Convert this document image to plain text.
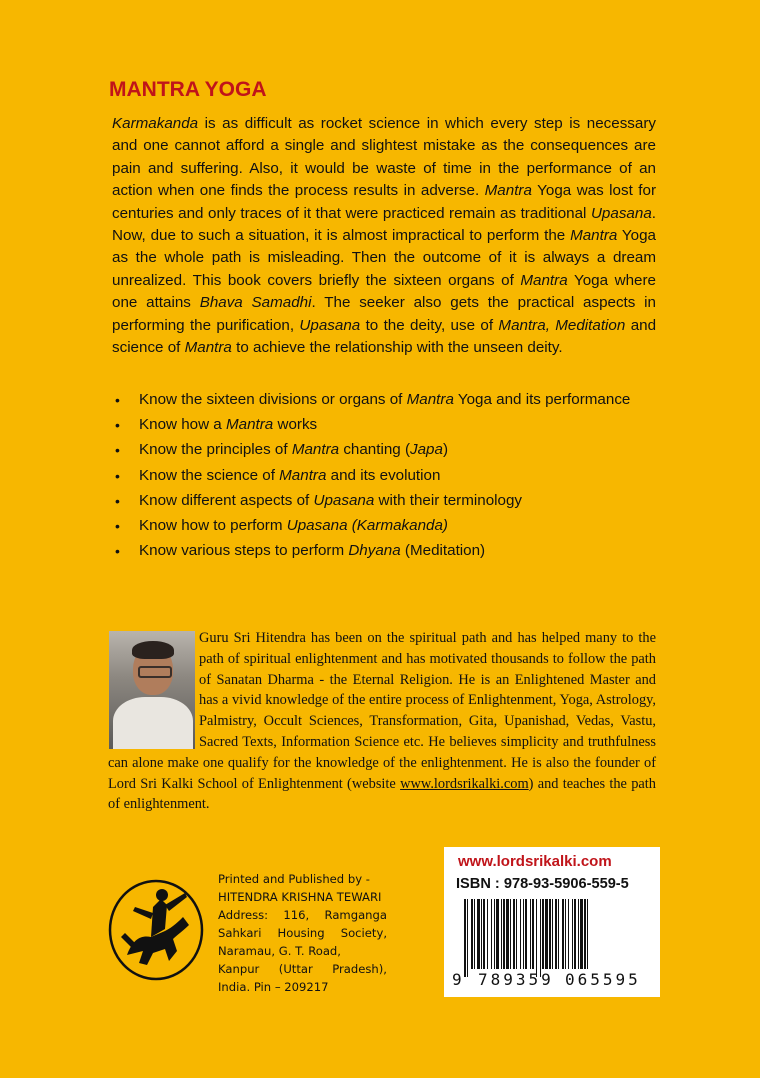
MANTRA YOGA

Karmakanda is as difficult as rocket science in which every step is necessary and one cannot afford a single and slightest mistake as the consequences are pain and suffering. Also, it would be waste of time in the performance of an action when one finds the process results in adverse. Mantra Yoga was lost for centuries and only traces of it that were practiced remain as traditional Upasana. Now, due to such a situation, it is almost impractical to perform the Mantra Yoga as the whole path is misleading. Then the outcome of it is always a dream unrealized. This book covers briefly the sixteen organs of Mantra Yoga where one attains Bhava Samadhi. The seeker also gets the practical aspects in performing the purification, Upasana to the deity, use of Mantra, Meditation and science of Mantra to achieve the relationship with the unseen deity.

• Know the sixteen divisions or organs of Mantra Yoga and its performance
• Know how a Mantra works
• Know the principles of Mantra chanting (Japa)
• Know the science of Mantra and its evolution
• Know different aspects of Upasana with their terminology
• Know how to perform Upasana (Karmakanda)
• Know various steps to perform Dhyana (Meditation)

Guru Sri Hitendra has been on the spiritual path and has helped many to the path of spiritual enlightenment and has motivated thousands to follow the path of Sanatan Dharma - the Eternal Religion. He is an Enlightened Master and has a vivid knowledge of the entire process of Enlightenment, Yoga, Astrology, Palmistry, Occult Sciences, Transformation, Gita, Upanishad, Vedas, Vastu, Sacred Texts, Information Science etc. He believes simplicity and truthfulness can alone make one qualify for the knowledge of the enlightenment. He is also the founder of Lord Sri Kalki School of Enlightenment (website www.lordsrikalki.com) and teaches the path of enlightenment.

Printed and Published by -
HITENDRA KRISHNA TEWARI
Address: 116, Ramganga
Sahkari Housing Society,
Naramau, G. T. Road,
Kanpur (Uttar Pradesh),
India. Pin – 209217
www.lordsrikalki.com
ISBN : 978-93-5906-559-5
9 789359 065595
